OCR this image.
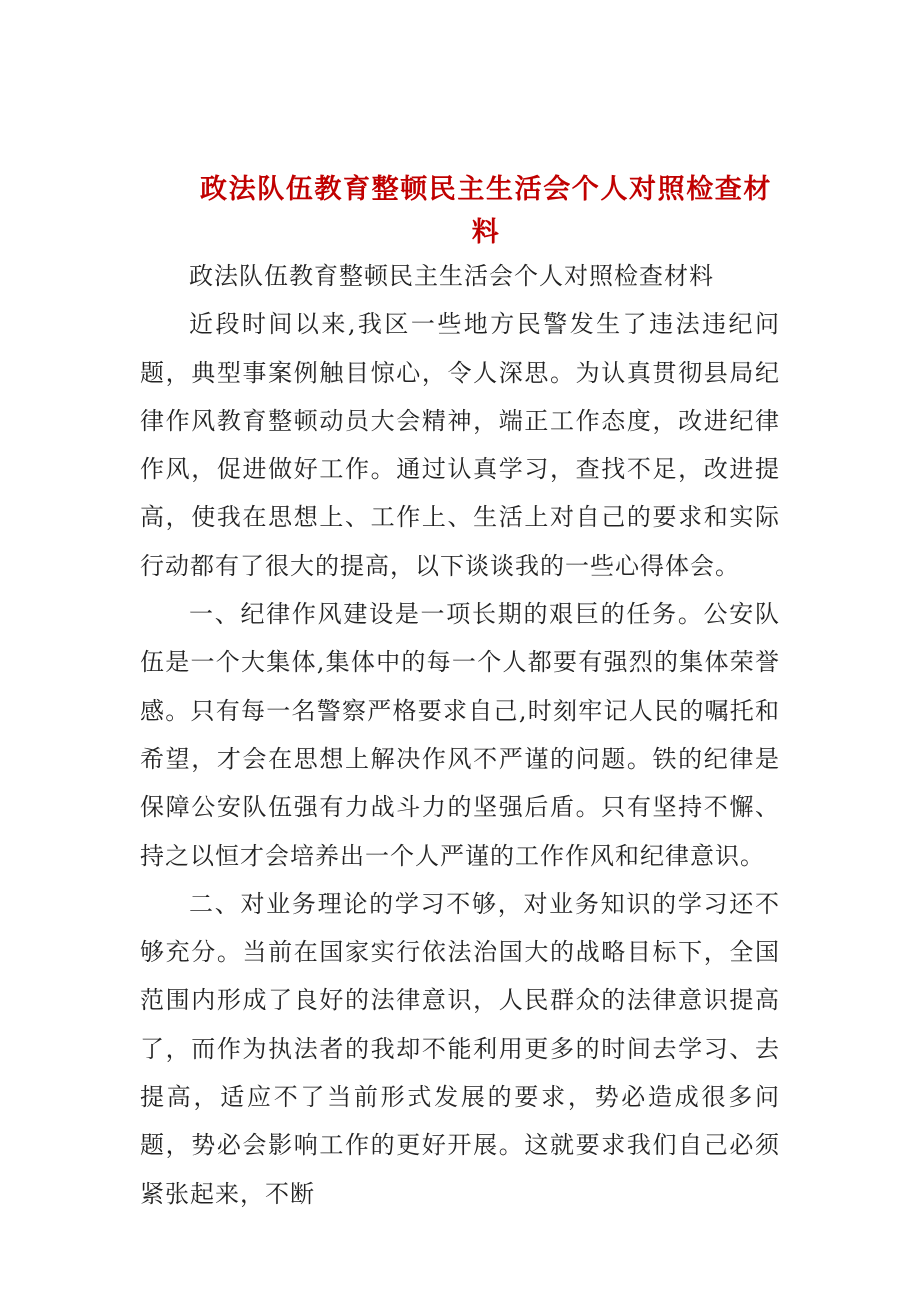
政法队伍教育整顿民主生活会个人对照检查材料

政法队伍教育整顿民主生活会个人对照检查材料

近段时间以来,我区一些地方民警发生了违法违纪问题，典型事案例触目惊心，令人深思。为认真贯彻县局纪律作风教育整顿动员大会精神，端正工作态度，改进纪律作风，促进做好工作。通过认真学习，查找不足，改进提高，使我在思想上、工作上、生活上对自己的要求和实际行动都有了很大的提高，以下谈谈我的一些心得体会。

一、纪律作风建设是一项长期的艰巨的任务。公安队伍是一个大集体,集体中的每一个人都要有强烈的集体荣誉感。只有每一名警察严格要求自己,时刻牢记人民的嘱托和希望，才会在思想上解决作风不严谨的问题。铁的纪律是保障公安队伍强有力战斗力的坚强后盾。只有坚持不懈、持之以恒才会培养出一个人严谨的工作作风和纪律意识。

二、对业务理论的学习不够，对业务知识的学习还不够充分。当前在国家实行依法治国大的战略目标下，全国范围内形成了良好的法律意识，人民群众的法律意识提高了，而作为执法者的我却不能利用更多的时间去学习、去提高，适应不了当前形式发展的要求，势必造成很多问题，势必会影响工作的更好开展。这就要求我们自己必须紧张起来，不断
